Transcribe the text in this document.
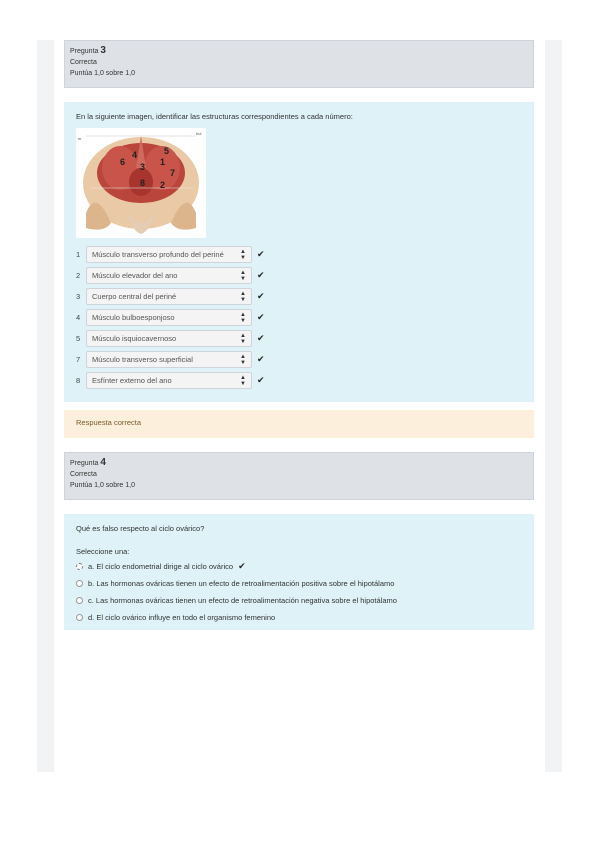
Pregunta 3
Correcta
Puntúa 1,0 sobre 1,0
En la siguiente imagen, identificar las estructuras correspondientes a cada número:
6
4	5
3 1
8
7
2
bul
m
1	Músculo transverso profundo del periné	▲
▼ ✔
2	Músculo elevador del ano	▲
▼ ✔
3	Cuerpo central del periné	▲
▼ ✔
4	Músculo bulboesponjoso	▲
▼ ✔
5	Músculo isquiocavernoso	▲
▼ ✔
7	Músculo transverso superficial	▲
▼ ✔
8	Esfínter externo del ano	▲
▼ ✔
Respuesta correcta
Pregunta 4
Correcta
Puntúa 1,0 sobre 1,0
Qué es falso respecto al ciclo ovárico?
Seleccione una:
a. El ciclo endometrial dirige al ciclo ovárico ✔
b. Las hormonas ováricas tienen un efecto de retroalimentación positiva sobre el hipotálamo
c. Las hormonas ováricas tienen un efecto de retroalimentación negativa sobre el hipotálamo
d. El ciclo ovárico influye en todo el organismo femenino
